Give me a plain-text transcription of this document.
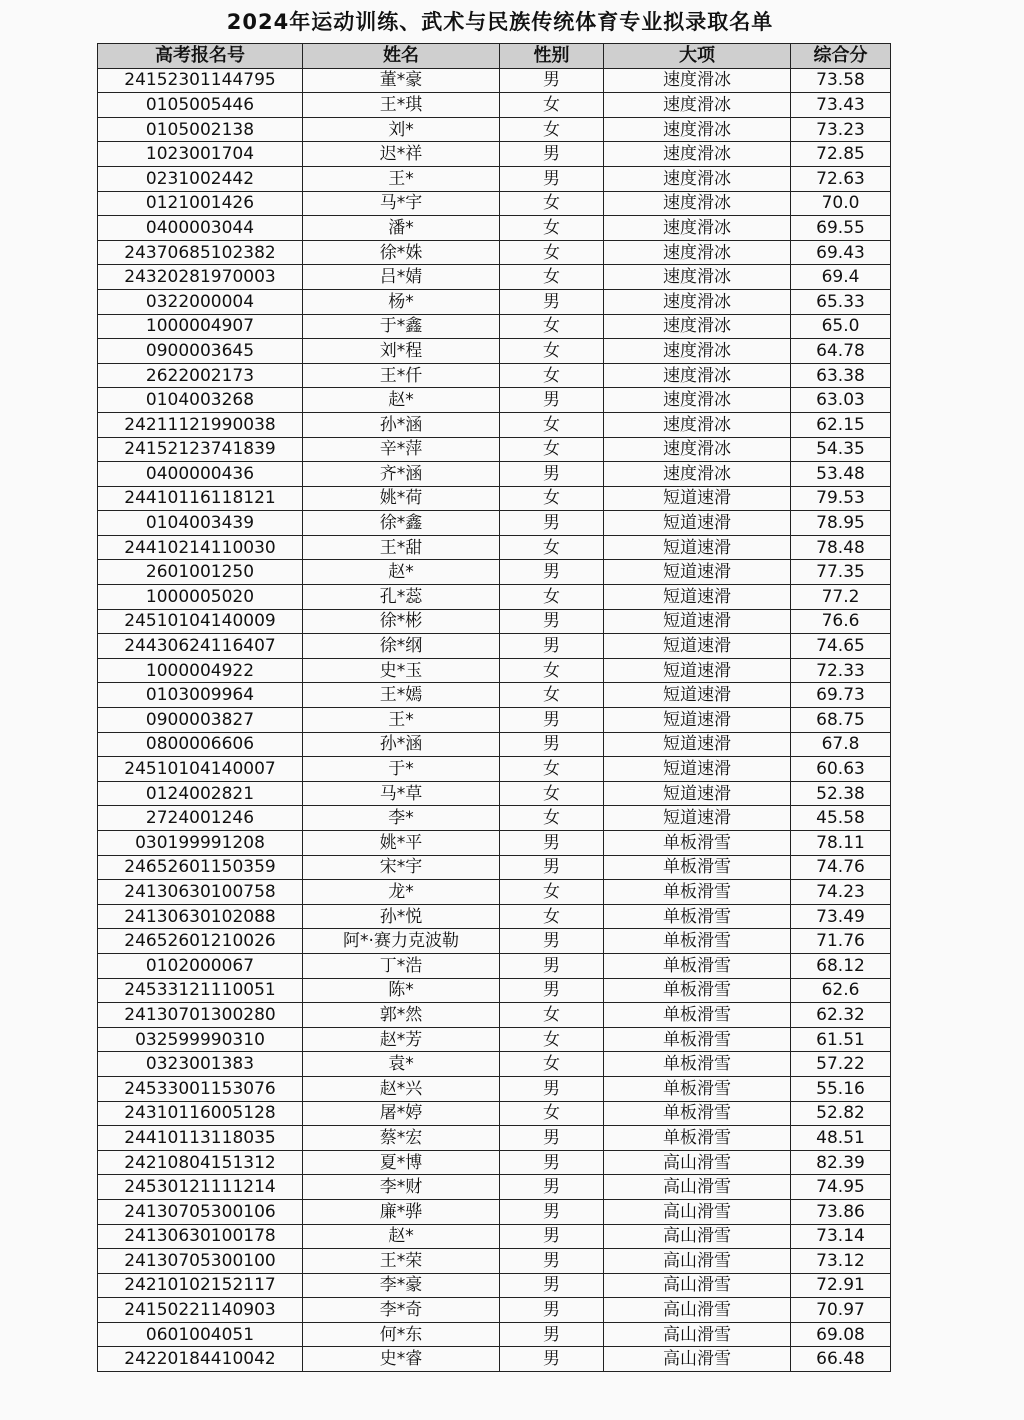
2024年运动训练、武术与民族传统体育专业拟录取名单
高考报名号	姓名	性别	大项	综合分
24152301144795	董*豪	男	速度滑冰	73.58
0105005446	王*琪	女	速度滑冰	73.43
0105002138	刘*	女	速度滑冰	73.23
1023001704	迟*祥	男	速度滑冰	72.85
0231002442	王*	男	速度滑冰	72.63
0121001426	马*宇	女	速度滑冰	70.0
0400003044	潘*	女	速度滑冰	69.55
24370685102382	徐*姝	女	速度滑冰	69.43
24320281970003	吕*婧	女	速度滑冰	69.4
0322000004	杨*	男	速度滑冰	65.33
1000004907	于*鑫	女	速度滑冰	65.0
0900003645	刘*程	女	速度滑冰	64.78
2622002173	王*仟	女	速度滑冰	63.38
0104003268	赵*	男	速度滑冰	63.03
24211121990038	孙*涵	女	速度滑冰	62.15
24152123741839	辛*萍	女	速度滑冰	54.35
0400000436	齐*涵	男	速度滑冰	53.48
24410116118121	姚*荷	女	短道速滑	79.53
0104003439	徐*鑫	男	短道速滑	78.95
24410214110030	王*甜	女	短道速滑	78.48
2601001250	赵*	男	短道速滑	77.35
1000005020	孔*蕊	女	短道速滑	77.2
24510104140009	徐*彬	男	短道速滑	76.6
24430624116407	徐*纲	男	短道速滑	74.65
1000004922	史*玉	女	短道速滑	72.33
0103009964	王*嫣	女	短道速滑	69.73
0900003827	王*	男	短道速滑	68.75
0800006606	孙*涵	男	短道速滑	67.8
24510104140007	于*	女	短道速滑	60.63
0124002821	马*草	女	短道速滑	52.38
2724001246	李*	女	短道速滑	45.58
030199991208	姚*平	男	单板滑雪	78.11
24652601150359	宋*宇	男	单板滑雪	74.76
24130630100758	龙*	女	单板滑雪	74.23
24130630102088	孙*悦	女	单板滑雪	73.49
24652601210026	阿*·赛力克波勒	男	单板滑雪	71.76
0102000067	丁*浩	男	单板滑雪	68.12
24533121110051	陈*	男	单板滑雪	62.6
24130701300280	郭*然	女	单板滑雪	62.32
032599990310	赵*芳	女	单板滑雪	61.51
0323001383	袁*	女	单板滑雪	57.22
24533001153076	赵*兴	男	单板滑雪	55.16
24310116005128	屠*婷	女	单板滑雪	52.82
24410113118035	蔡*宏	男	单板滑雪	48.51
24210804151312	夏*博	男	高山滑雪	82.39
24530121111214	李*财	男	高山滑雪	74.95
24130705300106	廉*骅	男	高山滑雪	73.86
24130630100178	赵*	男	高山滑雪	73.14
24130705300100	王*荣	男	高山滑雪	73.12
24210102152117	李*豪	男	高山滑雪	72.91
24150221140903	李*奇	男	高山滑雪	70.97
0601004051	何*东	男	高山滑雪	69.08
24220184410042	史*睿	男	高山滑雪	66.48
